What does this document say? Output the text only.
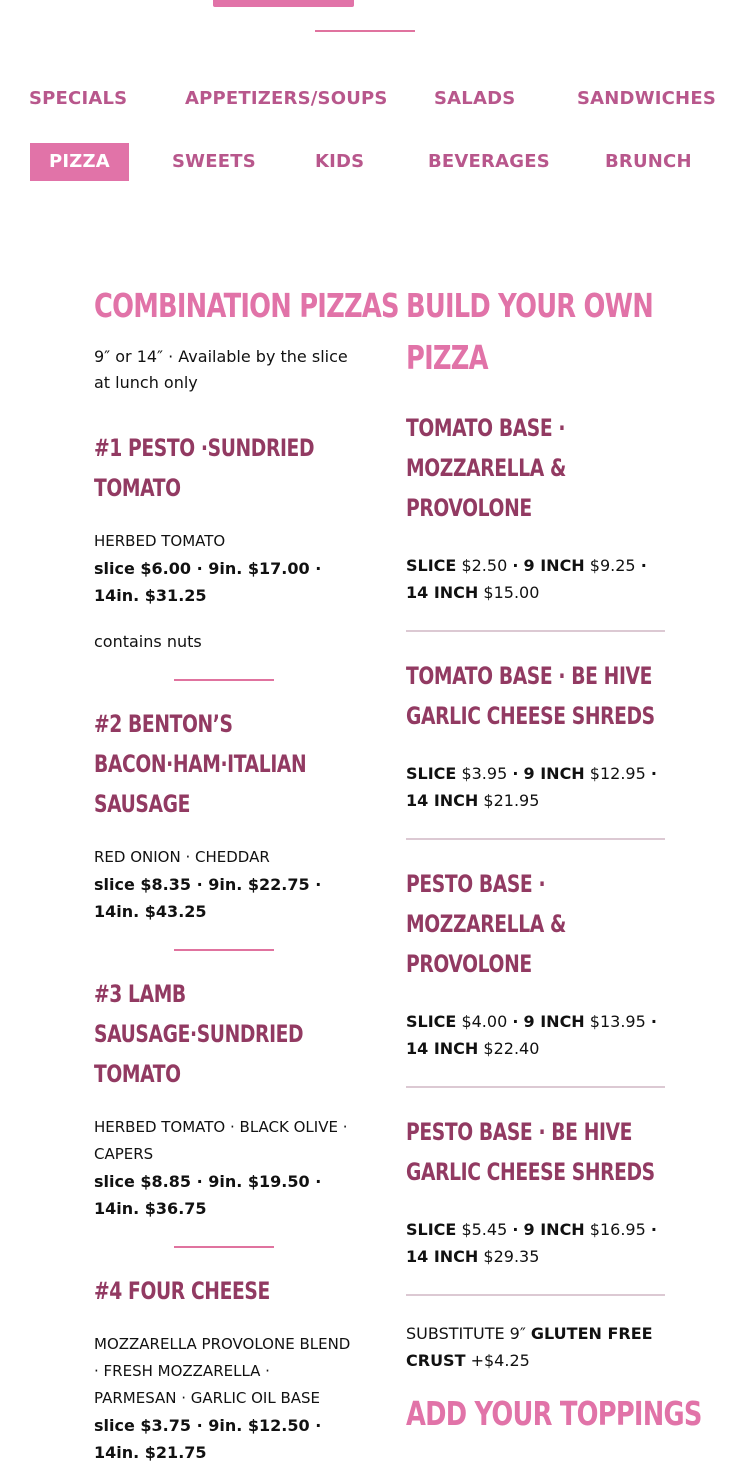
SPECIALS	APPETIZERS/SOUPS	SALADS	SANDWICHES
PIZZA	SWEETS	KIDS	BEVERAGES	BRUNCH
COMBINATION PIZZAS

9″ or 14″ · Available by the slice at lunch only

#1 PESTO ·SUNDRIED TOMATO

HERBED TOMATO

slice $6.00 · 9in. $17.00 · 14in. $31.25

contains nuts

#2 BENTON’S BACON·HAM·ITALIAN SAUSAGE

RED ONION · CHEDDAR

slice $8.35 · 9in. $22.75 · 14in. $43.25

#3 LAMB SAUSAGE·SUNDRIED TOMATO

HERBED TOMATO · BLACK OLIVE · CAPERS

slice $8.85 · 9in. $19.50 · 14in. $36.75

#4 FOUR CHEESE

MOZZARELLA PROVOLONE BLEND · FRESH MOZZARELLA · PARMESAN · GARLIC OIL BASE

slice $3.75 · 9in. $12.50 · 14in. $21.75

BUILD YOUR OWN PIZZA
TOMATO BASE · MOZZARELLA & PROVOLONE

SLICE $2.50 · 9 INCH $9.25 · 14 INCH $15.00

TOMATO BASE · BE HIVE GARLIC CHEESE SHREDS

SLICE $3.95 · 9 INCH $12.95 · 14 INCH $21.95

PESTO BASE · MOZZARELLA & PROVOLONE

SLICE $4.00 · 9 INCH $13.95 · 14 INCH $22.40

PESTO BASE · BE HIVE GARLIC CHEESE SHREDS

SLICE $5.45 · 9 INCH $16.95 · 14 INCH $29.35

SUBSTITUTE 9″ GLUTEN FREE CRUST +$4.25

ADD YOUR TOPPINGS
